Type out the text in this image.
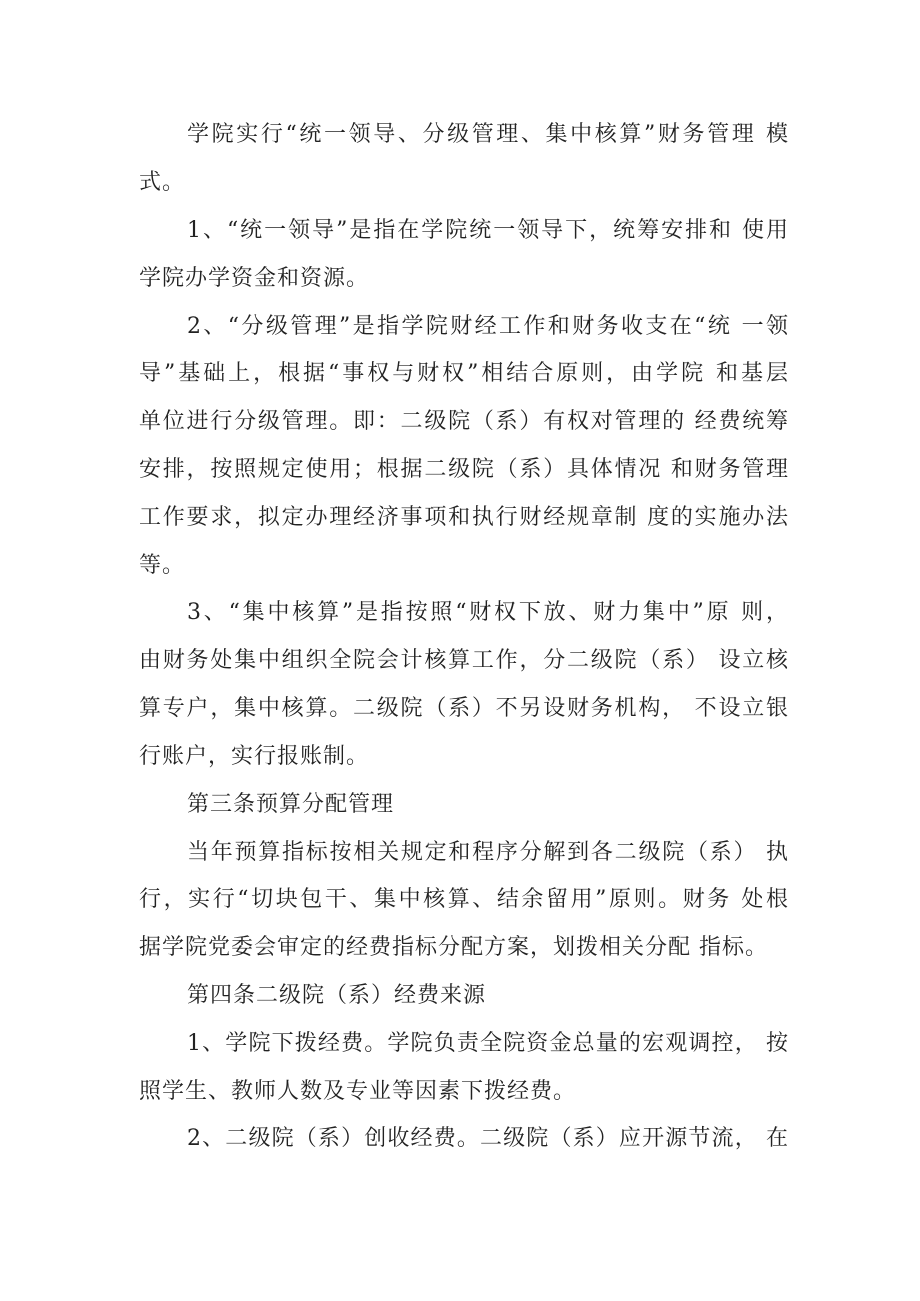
学院实行“统一领导、分级管理、集中核算”财务管理 模
式。
1、“统一领导”是指在学院统一领导下，统筹安排和 使用
学院办学资金和资源。
2、“分级管理”是指学院财经工作和财务收支在“统 一领
导”基础上，根据“事权与财权”相结合原则，由学院 和基层
单位进行分级管理。即：二级院（系）有权对管理的 经费统筹
安排，按照规定使用；根据二级院（系）具体情况 和财务管理
工作要求，拟定办理经济事项和执行财经规章制 度的实施办法
等。
3、“集中核算”是指按照“财权下放、财力集中”原 则，
由财务处集中组织全院会计核算工作，分二级院（系） 设立核
算专户，集中核算。二级院（系）不另设财务机构， 不设立银
行账户，实行报账制。
第三条预算分配管理
当年预算指标按相关规定和程序分解到各二级院（系） 执
行，实行“切块包干、集中核算、结余留用”原则。财务 处根
据学院党委会审定的经费指标分配方案，划拨相关分配 指标。
第四条二级院（系）经费来源
1、学院下拨经费。学院负责全院资金总量的宏观调控， 按
照学生、教师人数及专业等因素下拨经费。
2、二级院（系）创收经费。二级院（系）应开源节流， 在
